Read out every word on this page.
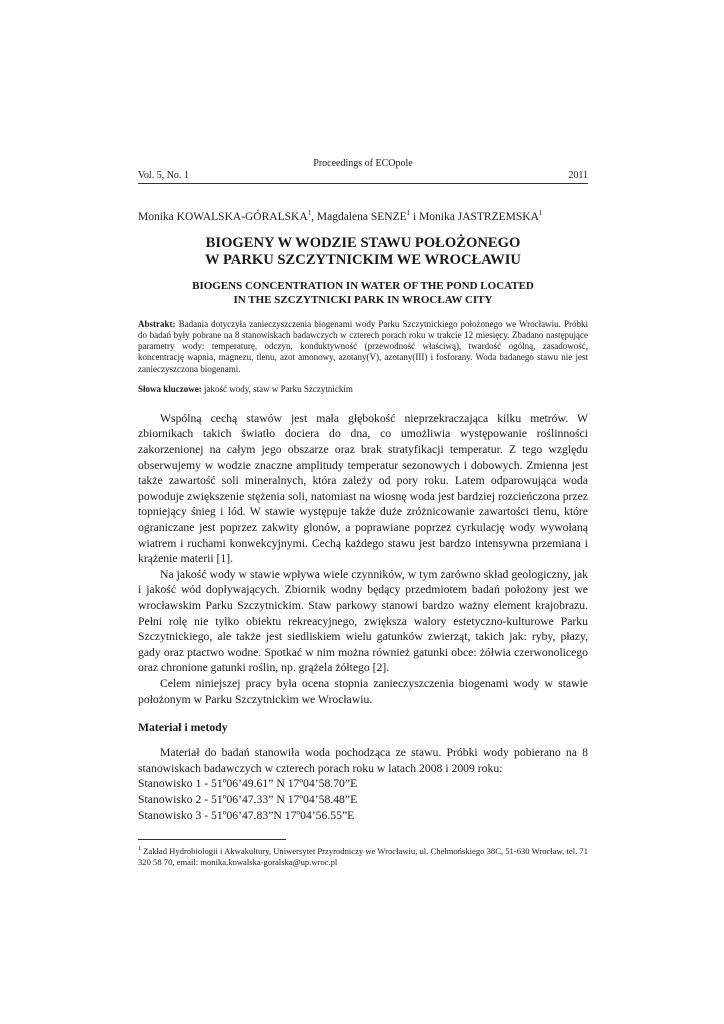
Proceedings of ECOpole
Vol. 5, No. 1	2011
Monika KOWALSKA-GÓRALSKA$^1$, Magdalena SENZE$^1$ i Monika JASTRZEMSKA$^1$
BIOGENY W WODZIE STAWU POŁOŻONEGO
W PARKU SZCZYTNICKIM WE WROCŁAWIU
BIOGENS CONCENTRATION IN WATER OF THE POND LOCATED
IN THE SZCZYTNICKI PARK IN WROCŁAW CITY
Abstrakt: Badania dotyczyła zanieczyszczenia biogenami wody Parku Szczytnickiego położonego we Wrocławiu. Próbki do badań były pobrane na 8 stanowiskach badawczych w czterech porach roku w trakcie 12 miesięcy. Zbadano następujące parametry wody: temperaturę, odczyn, konduktywność (przewodność właściwą), twardość ogólną, zasadowość, koncentrację wapnia, magnezu, tlenu, azot amonowy, azotany(V), azotany(III) i fosforany. Woda badanego stawu nie jest zanieczyszczona biogenami.
Słowa kluczowe: jakość wody, staw w Parku Szczytnickim

Wspólną cechą stawów jest mała głębokość nieprzekraczająca kilku metrów. W zbiornikach takich światło dociera do dna, co umożliwia występowanie roślinności zakorzenionej na całym jego obszarze oraz brak stratyfikacji temperatur. Z tego względu obserwujemy w wodzie znaczne amplitudy temperatur sezonowych i dobowych. Zmienna jest także zawartość soli mineralnych, która zależy od pory roku. Latem odparowująca woda powoduje zwiększenie stężenia soli, natomiast na wiosnę woda jest bardziej rozcieńczona przez topniejący śnieg i lód. W stawie występuje także duże zróżnicowanie zawartości tlenu, które ograniczane jest poprzez zakwity glonów, a poprawiane poprzez cyrkulację wody wywołaną wiatrem i ruchami konwekcyjnymi. Cechą każdego stawu jest bardzo intensywna przemiana i krążenie materii [1].

Na jakość wody w stawie wpływa wiele czynników, w tym zarówno skład geologiczny, jak i jakość wód dopływających. Zbiornik wodny będący przedmiotem badań położony jest we wrocławskim Parku Szczytnickim. Staw parkowy stanowi bardzo ważny element krajobrazu. Pełni rolę nie tylko obiektu rekreacyjnego, zwiększa walory estetyczno-kulturowe Parku Szczytnickiego, ale także jest siedliskiem wielu gatunków zwierząt, takich jak: ryby, płazy, gady oraz ptactwo wodne. Spotkać w nim można również gatunki obce: żółwia czerwonolicego oraz chronione gatunki roślin, np. grążela żółtego [2].

Celem niniejszej pracy była ocena stopnia zanieczyszczenia biogenami wody w stawie położonym w Parku Szczytnickim we Wrocławiu.

Materiał i metody

Materiał do badań stanowiła woda pochodząca ze stawu. Próbki wody pobierano na 8 stanowiskach badawczych w czterech porach roku w latach 2008 i 2009 roku:

Stanowisko 1 - 51º06’49.61” N 17º04’58.70”E
Stanowisko 2 - 51º06’47.33” N 17º04’58.48”E
Stanowisko 3 - 51º06’47.83”N 17º04’56.55”E
$^1$ Zakład Hydrobiologii i Akwakultury, Uniwersytet Przyrodniczy we Wrocławiu, ul. Chełmońskiego 38C, 51-630 Wrocław, tel. 71 320 58 70, email: monika.kowalska-goralska@up.wroc.pl
